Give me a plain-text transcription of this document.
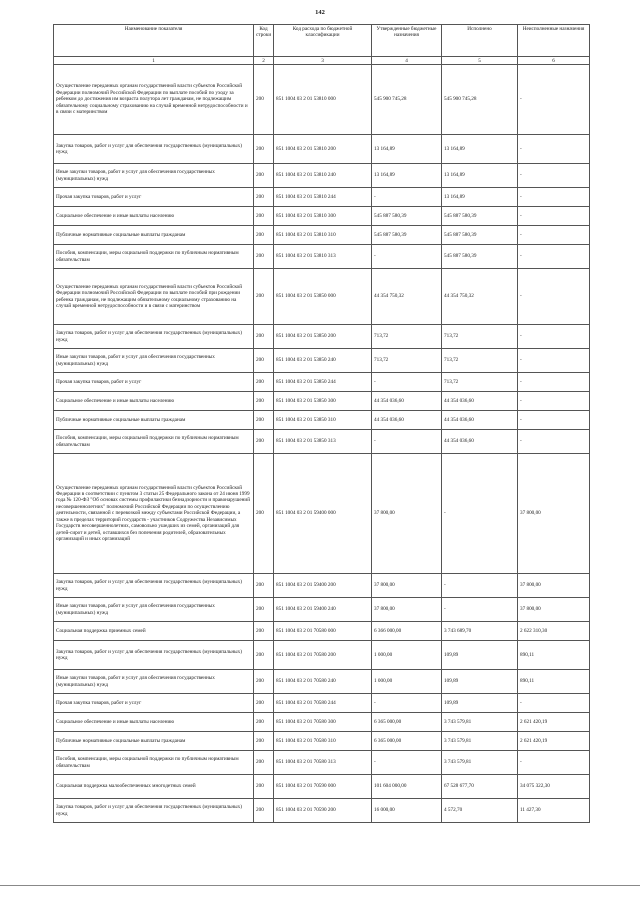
142
Наименование показателя	Код строки	Код расхода по бюджетной классификации	Утвержденные бюджетные назначения	Исполнено	Неисполненные назначения
1	2	3	4	5	6
Осуществление переданных органам государственной власти субъектов Российской Федерации полномочий Российской Федерации по выплате пособий по уходу за ребенком до достижения им возраста полутора лет гражданам, не подлежащим обязательному социальному страхованию на случай временной нетрудоспособности и в связи с материнством	200	851 1004 03 2 01 53810 000	545 900 745,28	545 900 745,28	-
Закупка товаров, работ и услуг для обеспечения государственных (муниципальных) нужд	200	851 1004 03 2 01 53810 200	13 164,89	13 164,89	-
Иные закупки товаров, работ и услуг для обеспечения государственных (муниципальных) нужд	200	851 1004 03 2 01 53810 240	13 164,89	13 164,89	-
Прочая закупка товаров, работ и услуг	200	851 1004 03 2 01 53810 244	-	13 164,89	-
Социальное обеспечение и иные выплаты населению	200	851 1004 03 2 01 53810 300	545 887 580,39	545 887 580,39	-
Публичные нормативные социальные выплаты гражданам	200	851 1004 03 2 01 53810 310	545 887 580,39	545 887 580,39	-
Пособия, компенсации, меры социальной поддержки по публичным нормативным обязательствам	200	851 1004 03 2 01 53810 313	-	545 887 580,39	-
Осуществление переданных органам государственной власти субъектов Российской Федерации полномочий Российской Федерации по выплате пособий при рождении ребенка гражданам, не подлежащим обязательному социальному страхованию на случай временной нетрудоспособности и в связи с материнством	200	851 1004 03 2 01 53850 000	44 354 750,32	44 354 750,32	-
Закупка товаров, работ и услуг для обеспечения государственных (муниципальных) нужд	200	851 1004 03 2 01 53850 200	713,72	713,72	-
Иные закупки товаров, работ и услуг для обеспечения государственных (муниципальных) нужд	200	851 1004 03 2 01 53850 240	713,72	713,72	-
Прочая закупка товаров, работ и услуг	200	851 1004 03 2 01 53850 244	-	713,72	-
Социальное обеспечение и иные выплаты населению	200	851 1004 03 2 01 53850 300	44 354 036,60	44 354 036,60	-
Публичные нормативные социальные выплаты гражданам	200	851 1004 03 2 01 53850 310	44 354 036,60	44 354 036,60	-
Пособия, компенсации, меры социальной поддержки по публичным нормативным обязательствам	200	851 1004 03 2 01 53850 313	-	44 354 036,60	-
Осуществление переданных органам государственной власти субъектов Российской Федерации в соответствии с пунктом 3 статьи 25 Федерального закона от 24 июня 1999 года № 120-ФЗ "Об основах системы профилактики безнадзорности и правонарушений несовершеннолетних" полномочий Российской Федерации по осуществлению деятельности, связанной с перевозкой между субъектами Российской Федерации, а также в пределах территорий государств - участников Содружества Независимых Государств несовершеннолетних, самовольно ушедших из семей, организаций для детей-сирот и детей, оставшихся без попечения родителей, образовательных организаций и иных организаций	200	851 1004 03 2 01 59400 000	37 800,00	-	37 800,00
Закупка товаров, работ и услуг для обеспечения государственных (муниципальных) нужд	200	851 1004 03 2 01 59400 200	37 800,00	-	37 800,00
Иные закупки товаров, работ и услуг для обеспечения государственных (муниципальных) нужд	200	851 1004 03 2 01 59400 240	37 800,00	-	37 800,00
Социальная поддержка приемных семей	200	851 1004 03 2 01 70580 000	6 366 000,00	3 743 689,70	2 622 310,30
Закупка товаров, работ и услуг для обеспечения государственных (муниципальных) нужд	200	851 1004 03 2 01 70580 200	1 000,00	109,89	890,11
Иные закупки товаров, работ и услуг для обеспечения государственных (муниципальных) нужд	200	851 1004 03 2 01 70580 240	1 000,00	109,89	890,11
Прочая закупка товаров, работ и услуг	200	851 1004 03 2 01 70580 244	-	109,89	-
Социальное обеспечение и иные выплаты населению	200	851 1004 03 2 01 70580 300	6 365 000,00	3 743 579,81	2 621 420,19
Публичные нормативные социальные выплаты гражданам	200	851 1004 03 2 01 70580 310	6 365 000,00	3 743 579,81	2 621 420,19
Пособия, компенсации, меры социальной поддержки по публичным нормативным обязательствам	200	851 1004 03 2 01 70580 313	-	3 743 579,81	-
Социальная поддержка малообеспеченных многодетных семей	200	851 1004 03 2 01 70590 000	101 604 000,00	67 528 677,70	34 075 322,30
Закупка товаров, работ и услуг для обеспечения государственных (муниципальных) нужд	200	851 1004 03 2 01 70590 200	16 000,00	4 572,70	11 427,30
